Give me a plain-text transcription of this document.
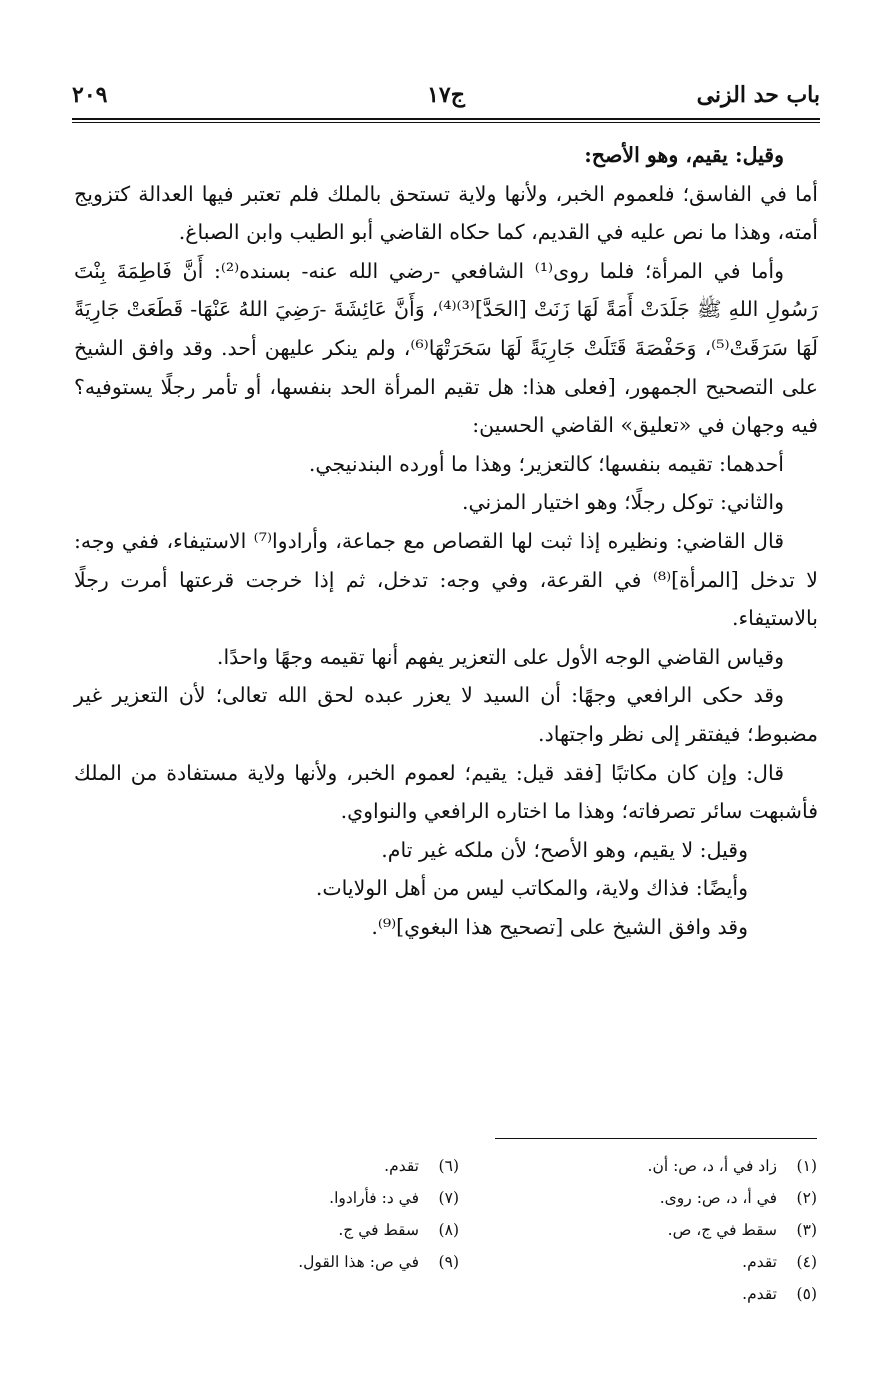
باب حد الزنى
ج١٧
٢٠٩

وقيل: يقيم، وهو الأصح:

أما في الفاسق؛ فلعموم الخبر، ولأنها ولاية تستحق بالملك فلم تعتبر فيها العدالة كتزويج أمته، وهذا ما نص عليه في القديم، كما حكاه القاضي أبو الطيب وابن الصباغ.

وأما في المرأة؛ فلما روى⁽¹⁾ الشافعي -رضي الله عنه- بسنده⁽²⁾: أَنَّ فَاطِمَةَ بِنْتَ رَسُولِ اللهِ ﷺ جَلَدَتْ أَمَةً لَهَا زَنَتْ [الحَدَّ]⁽³⁾⁽⁴⁾، وَأَنَّ عَائِشَةَ -رَضِيَ اللهُ عَنْهَا- قَطَعَتْ جَارِيَةً لَهَا سَرَقَتْ⁽⁵⁾، وَحَفْصَةَ قَتَلَتْ جَارِيَةً لَهَا سَحَرَتْهَا⁽⁶⁾، ولم ينكر عليهن أحد. وقد وافق الشيخ على التصحيح الجمهور، [فعلى هذا: هل تقيم المرأة الحد بنفسها، أو تأمر رجلًا يستوفيه؟ فيه وجهان في «تعليق» القاضي الحسين:

أحدهما: تقيمه بنفسها؛ كالتعزير؛ وهذا ما أورده البندنيجي.

والثاني: توكل رجلًا؛ وهو اختيار المزني.

قال القاضي: ونظيره إذا ثبت لها القصاص مع جماعة، وأرادوا⁽⁷⁾ الاستيفاء، ففي وجه: لا تدخل [المرأة]⁽⁸⁾ في القرعة، وفي وجه: تدخل، ثم إذا خرجت قرعتها أمرت رجلًا بالاستيفاء.

وقياس القاضي الوجه الأول على التعزير يفهم أنها تقيمه وجهًا واحدًا.

وقد حكى الرافعي وجهًا: أن السيد لا يعزر عبده لحق الله تعالى؛ لأن التعزير غير مضبوط؛ فيفتقر إلى نظر واجتهاد.

قال: وإن كان مكاتبًا [فقد قيل: يقيم؛ لعموم الخبر، ولأنها ولاية مستفادة من الملك فأشبهت سائر تصرفاته؛ وهذا ما اختاره الرافعي والنواوي.

وقيل: لا يقيم، وهو الأصح؛ لأن ملكه غير تام.

وأيضًا: فذاك ولاية، والمكاتب ليس من أهل الولايات.

وقد وافق الشيخ على [تصحيح هذا البغوي]⁽⁹⁾.

(١)زاد في أ، د، ص: أن.
(٢)في أ، د، ص: روى.
(٣)سقط في ج، ص.
(٤)تقدم.
(٥)تقدم.
(٦)تقدم.
(٧)في د: فأرادوا.
(٨)سقط في ج.
(٩)في ص: هذا القول.
